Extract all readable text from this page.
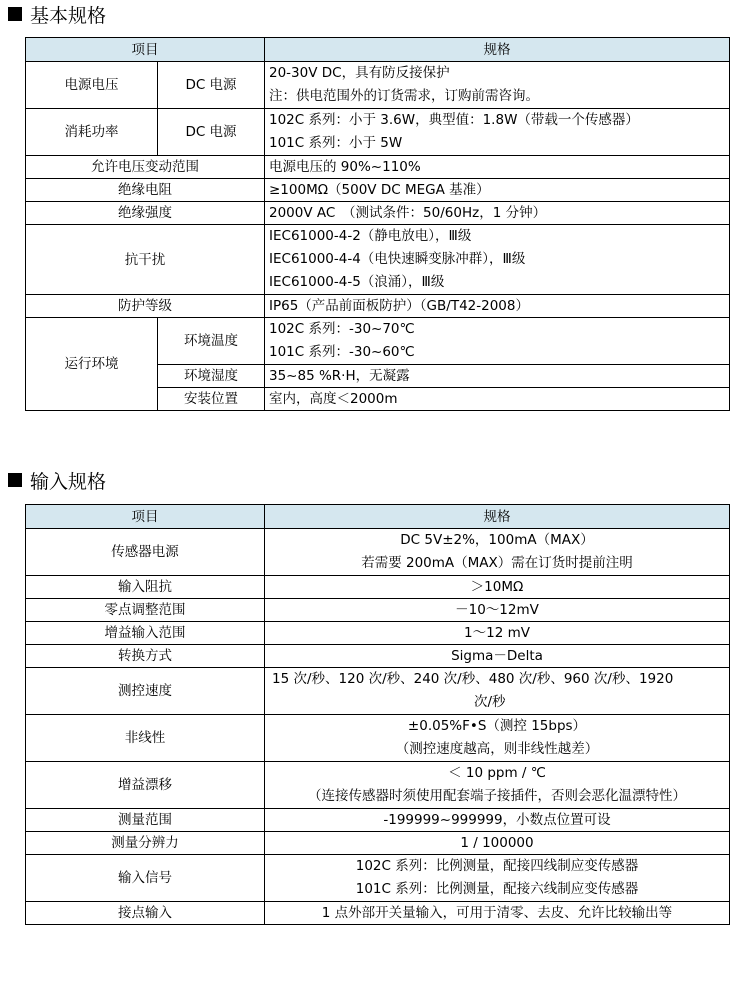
基本规格
项目		规格
电源电压	DC 电源	20-30V DC，具有防反接保护
注：供电范围外的订货需求，订购前需咨询。

消耗功率	DC 电源	102C 系列：小于 3.6W，典型值：1.8W（带载一个传感器）
101C 系列：小于 5W

允许电压变动范围		电源电压的 90%~110%
绝缘电阻		≥100MΩ（500V DC MEGA 基准）
绝缘强度		2000V AC　（测试条件：50/60Hz，1 分钟）
抗干扰		IEC61000-4-2（静电放电），Ⅲ级
IEC61000-4-4（电快速瞬变脉冲群），Ⅲ级
IEC61000-4-5（浪涌），Ⅲ级

防护等级		IP65（产品前面板防护）（GB/T42-2008）
运行环境	环境温度	102C 系列：-30~70℃
101C 系列：-30~60℃

	环境湿度	35~85 %R·H，无凝露
	安装位置	室内，高度＜2000m
输入规格
项目	规格
传感器电源	DC 5V±2%，100mA（MAX）
若需要 200mA（MAX）需在订货时提前注明

输入阻抗	＞10MΩ
零点调整范围	－10～12mV
增益输入范围	1～12 mV
转换方式	Sigma－Delta
测控速度	15 次/秒、120 次/秒、240 次/秒、480 次/秒、960 次/秒、1920
次/秒

非线性	±0.05%F•S（测控 15bps）
（测控速度越高，则非线性越差）

增益漂移	＜ 10 ppm / ℃
（连接传感器时须使用配套端子接插件，否则会恶化温漂特性）

测量范围	-199999~999999，小数点位置可设
测量分辨力	1 / 100000
输入信号	102C 系列：比例测量，配接四线制应变传感器
101C 系列：比例测量，配接六线制应变传感器

接点输入	1 点外部开关量输入，可用于清零、去皮、允许比较输出等
